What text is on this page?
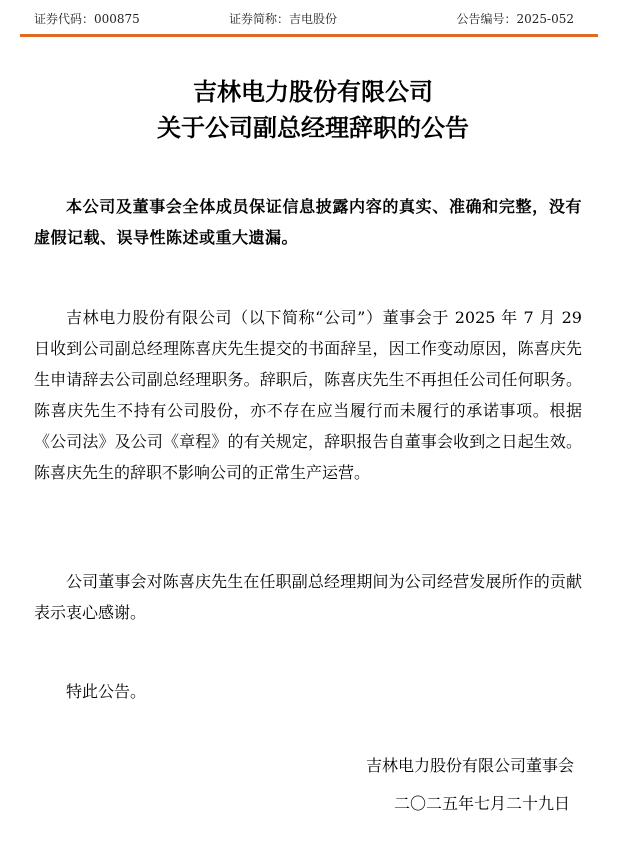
证券代码：000875	证券简称：吉电股份	公告编号：2025-052
吉林电力股份有限公司
关于公司副总经理辞职的公告

本公司及董事会全体成员保证信息披露内容的真实、准确和完整，没有虚假记载、误导性陈述或重大遗漏。

吉林电力股份有限公司（以下简称“公司”）董事会于 2025 年 7 月 29 日收到公司副总经理陈喜庆先生提交的书面辞呈，因工作变动原因，陈喜庆先生申请辞去公司副总经理职务。辞职后，陈喜庆先生不再担任公司任何职务。陈喜庆先生不持有公司股份，亦不存在应当履行而未履行的承诺事项。根据《公司法》及公司《章程》的有关规定，辞职报告自董事会收到之日起生效。陈喜庆先生的辞职不影响公司的正常生产运营。

公司董事会对陈喜庆先生在任职副总经理期间为公司经营发展所作的贡献表示衷心感谢。

特此公告。

吉林电力股份有限公司董事会
二〇二五年七月二十九日
